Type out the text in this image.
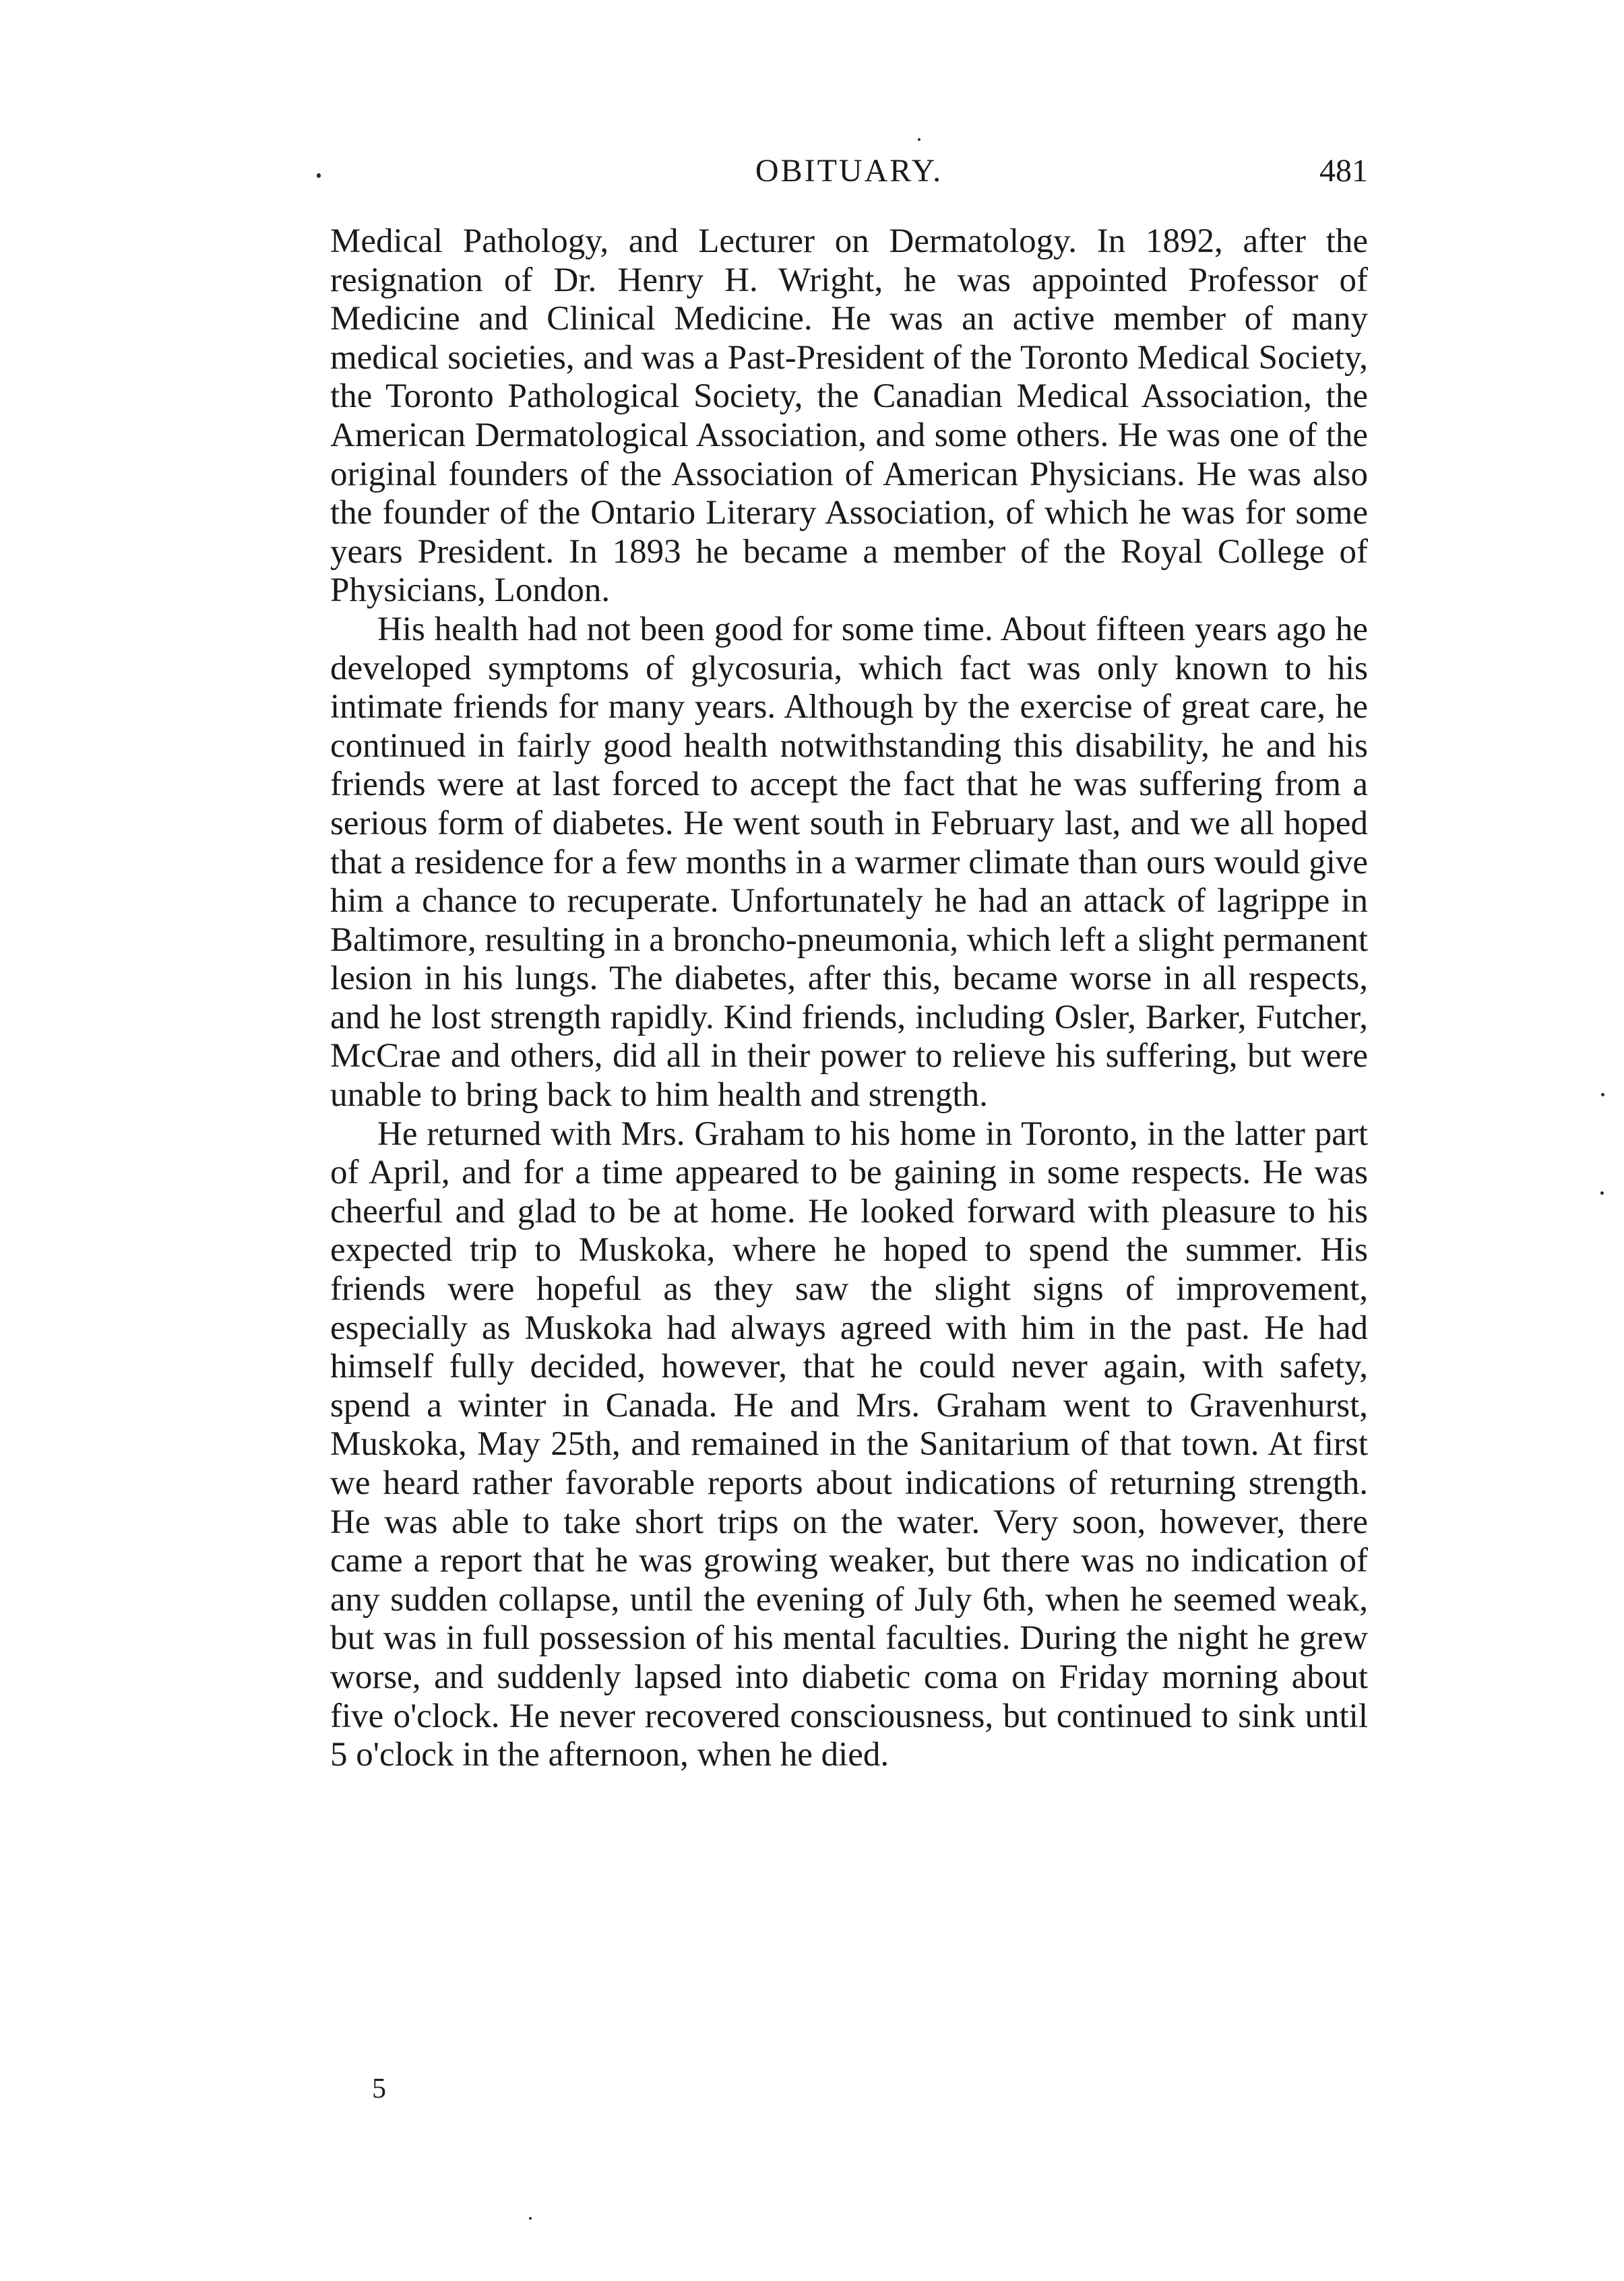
OBITUARY.	481

Medical Pathology, and Lecturer on Dermatology. In 1892, after the resignation of Dr. Henry H. Wright, he was appointed Professor of Medicine and Clinical Medicine. He was an active member of many medical societies, and was a Past-President of the Toronto Medical Society, the Toronto Pathological Society, the Canadian Medical Association, the American Dermatological Association, and some others. He was one of the original founders of the Association of American Physicians. He was also the founder of the Ontario Literary Association, of which he was for some years President. In 1893 he became a member of the Royal College of Physicians, London.

His health had not been good for some time. About fifteen years ago he developed symptoms of glycosuria, which fact was only known to his intimate friends for many years. Although by the exercise of great care, he continued in fairly good health notwithstanding this disability, he and his friends were at last forced to accept the fact that he was suffering from a serious form of diabetes. He went south in February last, and we all hoped that a residence for a few months in a warmer climate than ours would give him a chance to recuperate. Unfortunately he had an attack of lagrippe in Baltimore, resulting in a broncho-pneumonia, which left a slight permanent lesion in his lungs. The diabetes, after this, became worse in all respects, and he lost strength rapidly. Kind friends, including Osler, Barker, Futcher, McCrae and others, did all in their power to relieve his suffering, but were unable to bring back to him health and strength.

He returned with Mrs. Graham to his home in Toronto, in the latter part of April, and for a time appeared to be gaining in some respects. He was cheerful and glad to be at home. He looked forward with pleasure to his expected trip to Muskoka, where he hoped to spend the summer. His friends were hopeful as they saw the slight signs of improvement, especially as Muskoka had always agreed with him in the past. He had himself fully decided, however, that he could never again, with safety, spend a winter in Canada. He and Mrs. Graham went to Gravenhurst, Muskoka, May 25th, and remained in the Sanitarium of that town. At first we heard rather favorable reports about indications of returning strength. He was able to take short trips on the water. Very soon, however, there came a report that he was growing weaker, but there was no indication of any sudden collapse, until the evening of July 6th, when he seemed weak, but was in full possession of his mental faculties. During the night he grew worse, and suddenly lapsed into diabetic coma on Friday morning about five o'clock. He never recovered consciousness, but continued to sink until 5 o'clock in the afternoon, when he died.

5
